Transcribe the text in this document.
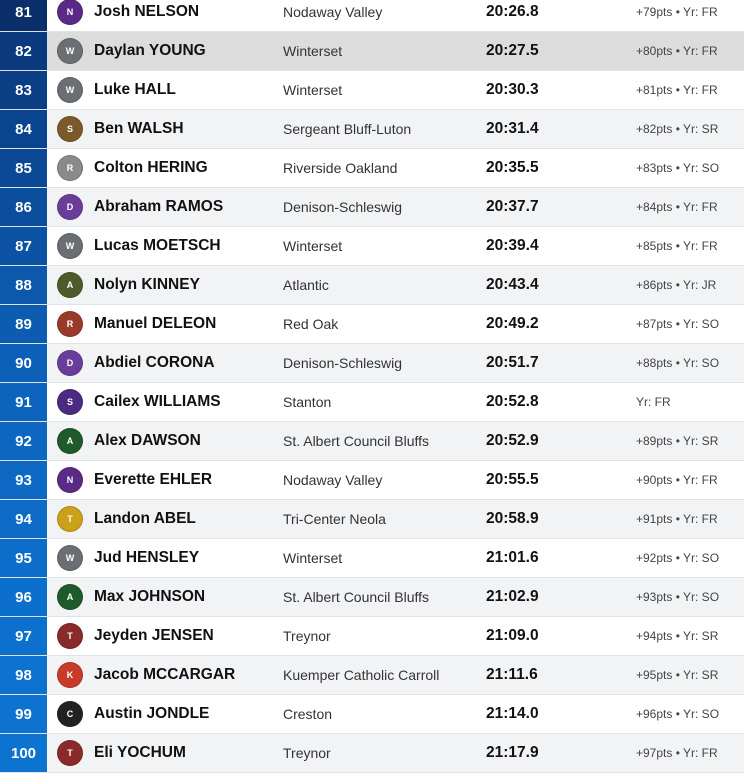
81	N	Josh NELSON	Nodaway Valley	20:26.8	+79pts • Yr: FR
82	W	Daylan YOUNG	Winterset	20:27.5	+80pts • Yr: FR
83	W	Luke HALL	Winterset	20:30.3	+81pts • Yr: FR
84	S	Ben WALSH	Sergeant Bluff-Luton	20:31.4	+82pts • Yr: SR
85	R	Colton HERING	Riverside Oakland	20:35.5	+83pts • Yr: SO
86	D	Abraham RAMOS	Denison-Schleswig	20:37.7	+84pts • Yr: FR
87	W	Lucas MOETSCH	Winterset	20:39.4	+85pts • Yr: FR
88	A	Nolyn KINNEY	Atlantic	20:43.4	+86pts • Yr: JR
89	R	Manuel DELEON	Red Oak	20:49.2	+87pts • Yr: SO
90	D	Abdiel CORONA	Denison-Schleswig	20:51.7	+88pts • Yr: SO
91	S	Cailex WILLIAMS	Stanton	20:52.8	Yr: FR
92	A	Alex DAWSON	St. Albert Council Bluffs	20:52.9	+89pts • Yr: SR
93	N	Everette EHLER	Nodaway Valley	20:55.5	+90pts • Yr: FR
94	T	Landon ABEL	Tri-Center Neola	20:58.9	+91pts • Yr: FR
95	W	Jud HENSLEY	Winterset	21:01.6	+92pts • Yr: SO
96	A	Max JOHNSON	St. Albert Council Bluffs	21:02.9	+93pts • Yr: SO
97	T	Jeyden JENSEN	Treynor	21:09.0	+94pts • Yr: SR
98	K	Jacob MCCARGAR	Kuemper Catholic Carroll	21:11.6	+95pts • Yr: SR
99	C	Austin JONDLE	Creston	21:14.0	+96pts • Yr: SO
100	T	Eli YOCHUM	Treynor	21:17.9	+97pts • Yr: FR
